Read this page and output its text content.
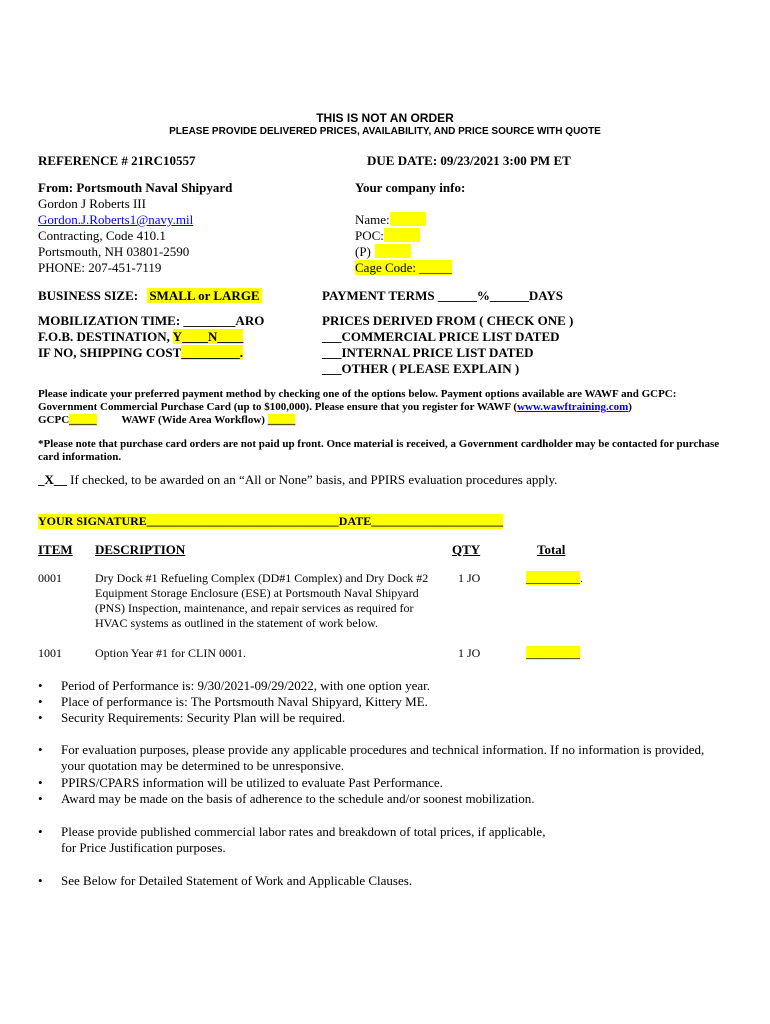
THIS IS NOT AN ORDER
PLEASE PROVIDE DELIVERED PRICES, AVAILABILITY, AND PRICE SOURCE WITH QUOTE
REFERENCE # 21RC10557	DUE DATE: 09/23/2021 3:00 PM ET
From: Portsmouth Naval Shipyard
Gordon J Roberts III
Gordon.J.Roberts1@navy.mil
Contracting, Code 410.1
Portsmouth, NH 03801-2590
PHONE: 207-451-7119
Your company info:
Name:
POC:
(P)
Cage Code: _____
BUSINESS SIZE: SMALL or LARGE	PAYMENT TERMS ______%______DAYS
MOBILIZATION TIME: ________ARO
F.O.B. DESTINATION, Y____N____
IF NO, SHIPPING COST_________.
PRICES DERIVED FROM ( CHECK ONE )
___COMMERCIAL PRICE LIST DATED
___INTERNAL PRICE LIST DATED
___OTHER ( PLEASE EXPLAIN )
Please indicate your preferred payment method by checking one of the options below. Payment options available are WAWF and GCPC:
Government Commercial Purchase Card (up to $100,000). Please ensure that you register for WAWF (www.wawftraining.com)
GCPC_____ WAWF (Wide Area Workflow) _____
*Please note that purchase card orders are not paid up front. Once material is received, a Government cardholder may be contacted for purchase
card information.
_X__ If checked, to be awarded on an “All or None” basis, and PPIRS evaluation procedures apply.
YOUR SIGNATURE________________________________DATE______________________
ITEM DESCRIPTION	QTY	Total
0001	Dry Dock #1 Refueling Complex (DD#1 Complex) and Dry Dock #2
Equipment Storage Enclosure (ESE) at Portsmouth Naval Shipyard
(PNS) Inspection, maintenance, and repair services as required for
HVAC systems as outlined in the statement of work below.
1 JO	_________.
1001	Option Year #1 for CLIN 0001.	1 JO	_________
• Period of Performance is: 9/30/2021-09/29/2022, with one option year.
• Place of performance is: The Portsmouth Naval Shipyard, Kittery ME.
• Security Requirements: Security Plan will be required.
• For evaluation purposes, please provide any applicable procedures and technical information. If no information is provided,
your quotation may be determined to be unresponsive.
• PPIRS/CPARS information will be utilized to evaluate Past Performance.
• Award may be made on the basis of adherence to the schedule and/or soonest mobilization.
• Please provide published commercial labor rates and breakdown of total prices, if applicable,
for Price Justification purposes.
• See Below for Detailed Statement of Work and Applicable Clauses.
